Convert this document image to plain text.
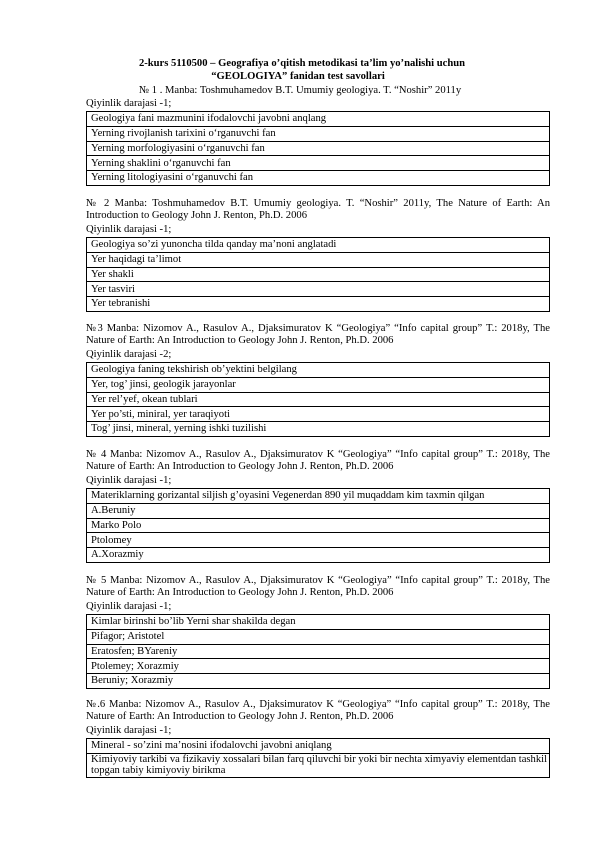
2-kurs 5110500 – Geografiya o’qitish metodikasi ta’lim yo’nalishi uchun
“GEOLOGIYA” fanidan test savollari
№ 1 . Manba: Toshmuhamedov B.T. Umumiy geologiya. T. “Noshir” 2011y
Qiyinlik darajasi -1;
Geologiya fani mazmunini ifodalovchi javobni anqlang
Yerning rivojlanish tarixini o‘rganuvchi fan
Yerning morfologiyasini o‘rganuvchi fan
Yerning shaklini o‘rganuvchi fan
Yerning litologiyasini o‘rganuvchi fan
№ 2 Manba: Toshmuhamedov B.T. Umumiy geologiya. T. “Noshir” 2011y, The Nature of Earth: An Introduction to Geology John J. Renton, Ph.D. 2006
Qiyinlik darajasi -1;
Geologiya so’zi yunoncha tilda qanday ma’noni anglatadi
Yer haqidagi ta’limot
Yer shakli
Yer tasviri
Yer tebranishi
№3 Manba: Nizomov A., Rasulov A., Djaksimuratov K “Geologiya” “Info capital group” T.: 2018y, The Nature of Earth: An Introduction to Geology John J. Renton, Ph.D. 2006
Qiyinlik darajasi -2;
Geologiya faning tekshirish ob’yektini belgilang
Yer, tog’ jinsi, geologik jarayonlar
Yer rel’yef, okean tublari
Yer po’sti, miniral, yer taraqiyoti
Tog’ jinsi, mineral, yerning ishki tuzilishi
№ 4 Manba: Nizomov A., Rasulov A., Djaksimuratov K “Geologiya” “Info capital group” T.: 2018y, The Nature of Earth: An Introduction to Geology John J. Renton, Ph.D. 2006
Qiyinlik darajasi -1;
Materiklarning gorizantal siljish g’oyasini Vegenerdan 890 yil muqaddam kim taxmin qilgan
A.Beruniy
Marko Polo
Ptolomey
A.Xorazmiy
№ 5 Manba: Nizomov A., Rasulov A., Djaksimuratov K “Geologiya” “Info capital group” T.: 2018y, The Nature of Earth: An Introduction to Geology John J. Renton, Ph.D. 2006
Qiyinlik darajasi -1;
Kimlar birinshi bo’lib Yerni shar shakilda degan
Pifagor; Aristotel
Eratosfen; BYareniy
Ptolemey; Xorazmiy
Beruniy; Xorazmiy
№.6 Manba: Nizomov A., Rasulov A., Djaksimuratov K “Geologiya” “Info capital group” T.: 2018y, The Nature of Earth: An Introduction to Geology John J. Renton, Ph.D. 2006
Qiyinlik darajasi -1;
Mineral - so’zini ma’nosini ifodalovchi javobni aniqlang
Kimiyoviy tarkibi va fizikaviy xossalari bilan farq qiluvchi bir yoki bir nechta ximyaviy elementdan tashkil topgan tabiy kimiyoviy birikma
